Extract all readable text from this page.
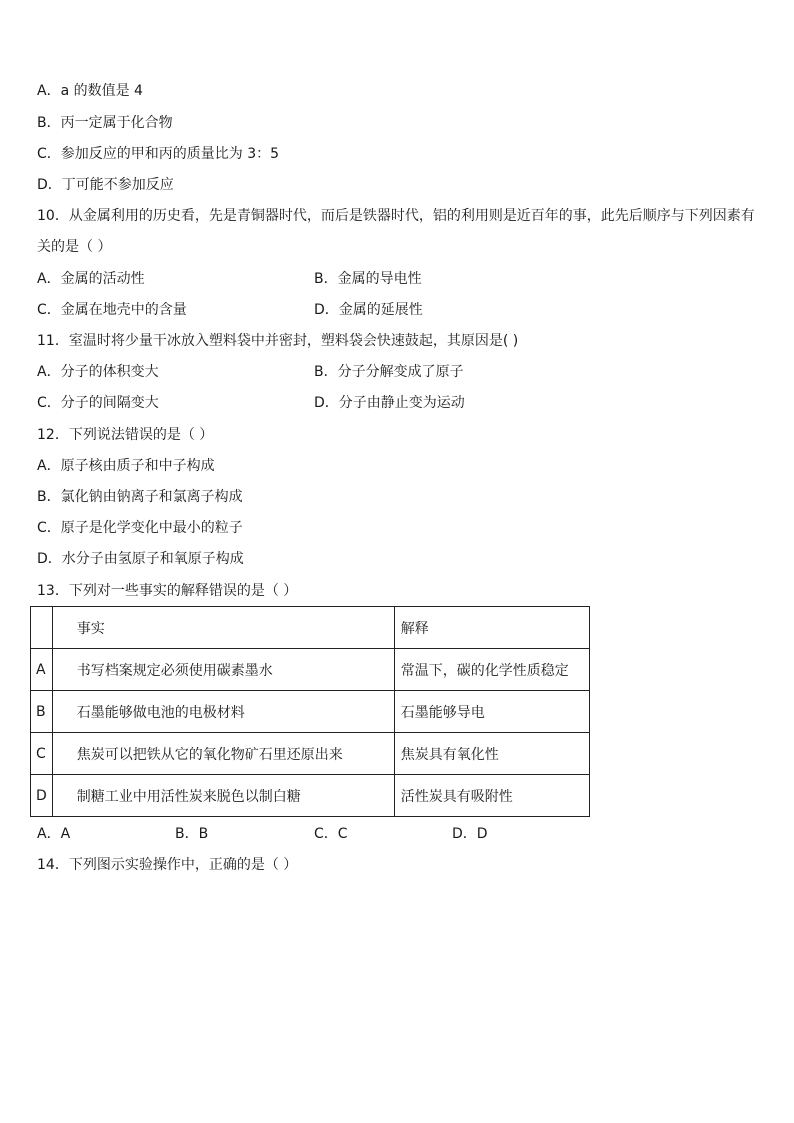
A．a 的数值是 4
B．丙一定属于化合物
C．参加反应的甲和丙的质量比为 3：5
D．丁可能不参加反应
10．从金属利用的历史看，先是青铜器时代，而后是铁器时代，铝的利用则是近百年的事，此先后顺序与下列因素有
关的是（ ）
A．金属的活动性	B．金属的导电性
C．金属在地壳中的含量	D．金属的延展性
11．室温时将少量干冰放入塑料袋中并密封，塑料袋会快速鼓起，其原因是( )
A．分子的体积变大	B．分子分解变成了原子
C．分子的间隔变大	D．分子由静止变为运动
12．下列说法错误的是（ ）
A．原子核由质子和中子构成
B．氯化钠由钠离子和氯离子构成
C．原子是化学变化中最小的粒子
D．水分子由氢原子和氧原子构成
13．下列对一些事实的解释错误的是（ ）
	事实	解释
A	书写档案规定必须使用碳素墨水	常温下，碳的化学性质稳定
B	石墨能够做电池的电极材料	石墨能够导电
C	焦炭可以把铁从它的氧化物矿石里还原出来	焦炭具有氧化性
D	制糖工业中用活性炭来脱色以制白糖	活性炭具有吸附性
A．A	B．B	C．C	D．D
14．下列图示实验操作中，正确的是（ ）
